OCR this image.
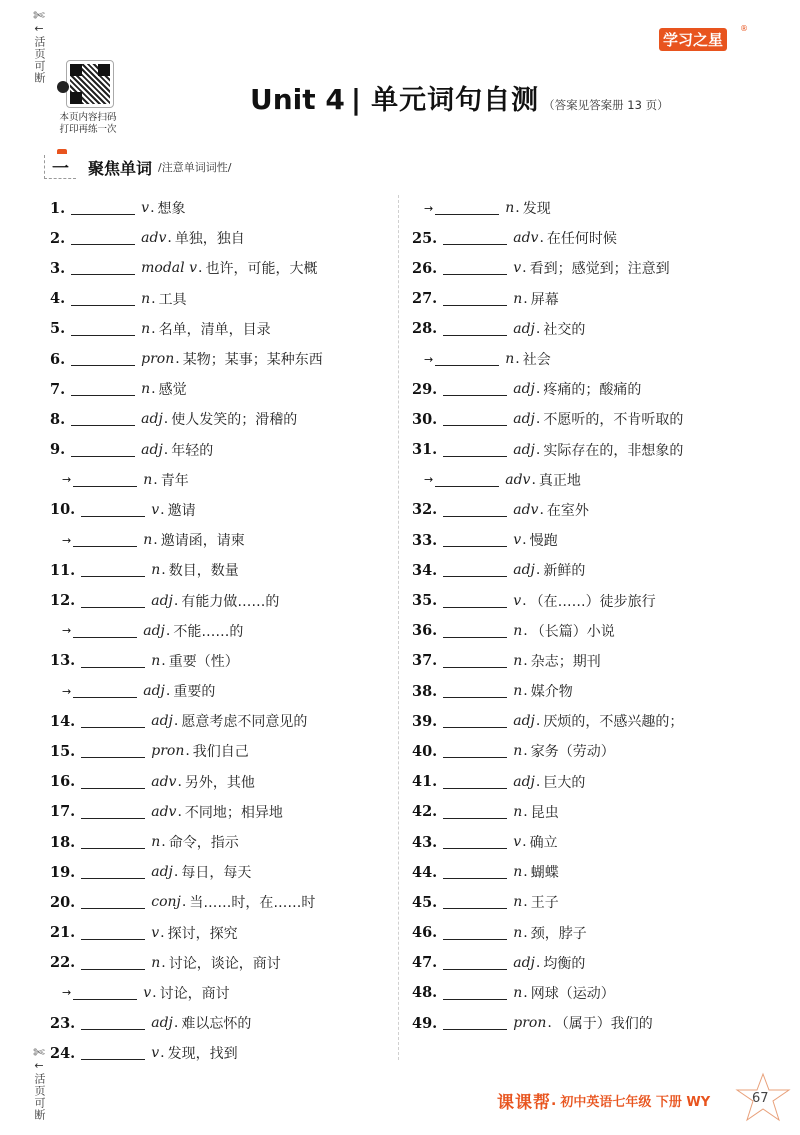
✄
←
活页可断
本页内容扫码
打印再练一次
学习之星
®
Unit 4 | 单元词句自测 （答案见答案册 13 页）
一 聚焦单词 /注意单词词性/
1.	v . 想象
2.	adv . 单独，独自
3.	modal v . 也许，可能，大概
4.	n . 工具
5.	n . 名单，清单，目录
6.	pron . 某物；某事；某种东西
7.	n . 感觉
8.	adj . 使人发笑的；滑稽的
9.	adj . 年轻的
→	n . 青年
10.	v . 邀请
→	n . 邀请函，请柬
11.	n . 数目，数量
12.	adj . 有能力做……的
→	adj . 不能……的
13.	n . 重要（性）
→	adj . 重要的
14.	adj . 愿意考虑不同意见的
15.	pron . 我们自己
16.	adv . 另外，其他
17.	adv . 不同地；相异地
18.	n . 命令，指示
19.	adj . 每日，每天
20.	conj . 当……时，在……时
21.	v . 探讨，探究
22.	n . 讨论，谈论，商讨
→	v . 讨论，商讨
23.	adj . 难以忘怀的
24.	v . 发现，找到
→	n . 发现
25.	adv . 在任何时候
26.	v . 看到；感觉到；注意到
27.	n . 屏幕
28.	adj . 社交的
→	n . 社会
29.	adj . 疼痛的；酸痛的
30.	adj . 不愿听的，不肯听取的
31.	adj . 实际存在的，非想象的
→	adv . 真正地
32.	adv . 在室外
33.	v . 慢跑
34.	adj . 新鲜的
35.	v . （在……）徒步旅行
36.	n . （长篇）小说
37.	n . 杂志；期刊
38.	n . 媒介物
39.	adj . 厌烦的，不感兴趣的；
40.	n . 家务（劳动）
41.	adj . 巨大的
42.	n . 昆虫
43.	v . 确立
44.	n . 蝴蝶
45.	n . 王子
46.	n . 颈，脖子
47.	adj . 均衡的
48.	n . 网球（运动）
49.	pron . （属于）我们的
✄
←
活页可断	课课帮 . 初中英语七年级 下册 WY	67
